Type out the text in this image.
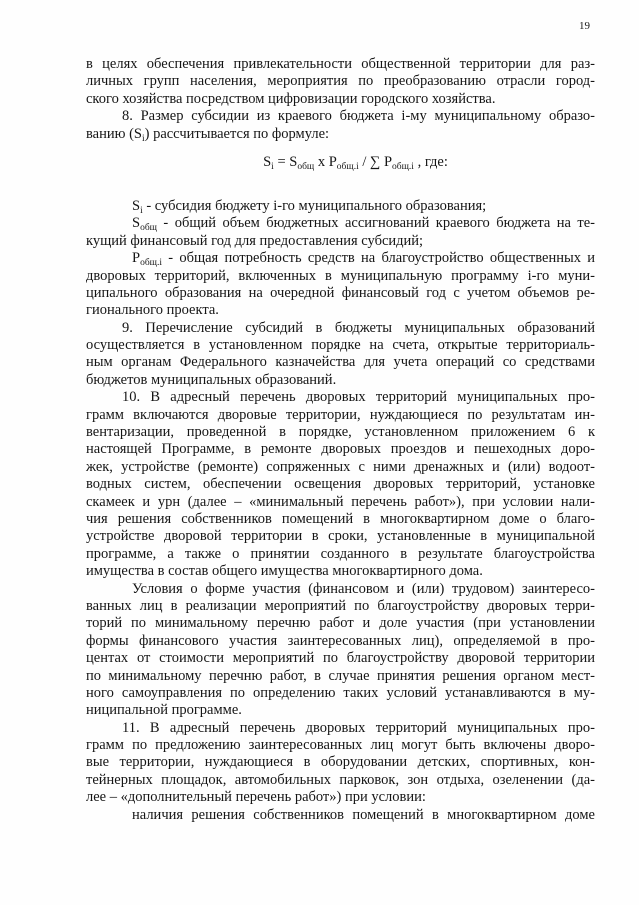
19
в целях обеспечения привлекательности общественной территории для раз-
личных групп населения, мероприятия по преобразованию отрасли город-
ского хозяйства посредством цифровизации городского хозяйства.
8. Размер субсидии из краевого бюджета i-му муниципальному образо-
ванию $(S_i)$ рассчитывается по формуле:
$S_i = S_{общ}$ x $P_{общ.i}$ / ∑ $P_{общ.i}$ , где:
$S_i$ - субсидия бюджету i-го муниципального образования;
$S_{общ}$ - общий объем бюджетных ассигнований краевого бюджета на те-
кущий финансовый год для предоставления субсидий;
$P_{общ.i}$ - общая потребность средств на благоустройство общественных и
дворовых территорий, включенных в муниципальную программу i-го муни-
ципального образования на очередной финансовый год с учетом объемов ре-
гионального проекта.
9. Перечисление субсидий в бюджеты муниципальных образований
осуществляется в установленном порядке на счета, открытые территориаль-
ным органам Федерального казначейства для учета операций со средствами
бюджетов муниципальных образований.
10. В адресный перечень дворовых территорий муниципальных про-
грамм включаются дворовые территории, нуждающиеся по результатам ин-
вентаризации, проведенной в порядке, установленном приложением 6 к
настоящей Программе, в ремонте дворовых проездов и пешеходных доро-
жек, устройстве (ремонте) сопряженных с ними дренажных и (или) водоот-
водных систем, обеспечении освещения дворовых территорий, установке
скамеек и урн (далее – «минимальный перечень работ»), при условии нали-
чия решения собственников помещений в многоквартирном доме о благо-
устройстве дворовой территории в сроки, установленные в муниципальной
программе, а также о принятии созданного в результате благоустройства
имущества в состав общего имущества многоквартирного дома.
Условия о форме участия (финансовом и (или) трудовом) заинтересо-
ванных лиц в реализации мероприятий по благоустройству дворовых терри-
торий по минимальному перечню работ и доле участия (при установлении
формы финансового участия заинтересованных лиц), определяемой в про-
центах от стоимости мероприятий по благоустройству дворовой территории
по минимальному перечню работ, в случае принятия решения органом мест-
ного самоуправления по определению таких условий устанавливаются в му-
ниципальной программе.
11. В адресный перечень дворовых территорий муниципальных про-
грамм по предложению заинтересованных лиц могут быть включены дворо-
вые территории, нуждающиеся в оборудовании детских, спортивных, кон-
тейнерных площадок, автомобильных парковок, зон отдыха, озеленении (да-
лее – «дополнительный перечень работ») при условии:
наличия решения собственников помещений в многоквартирном доме
